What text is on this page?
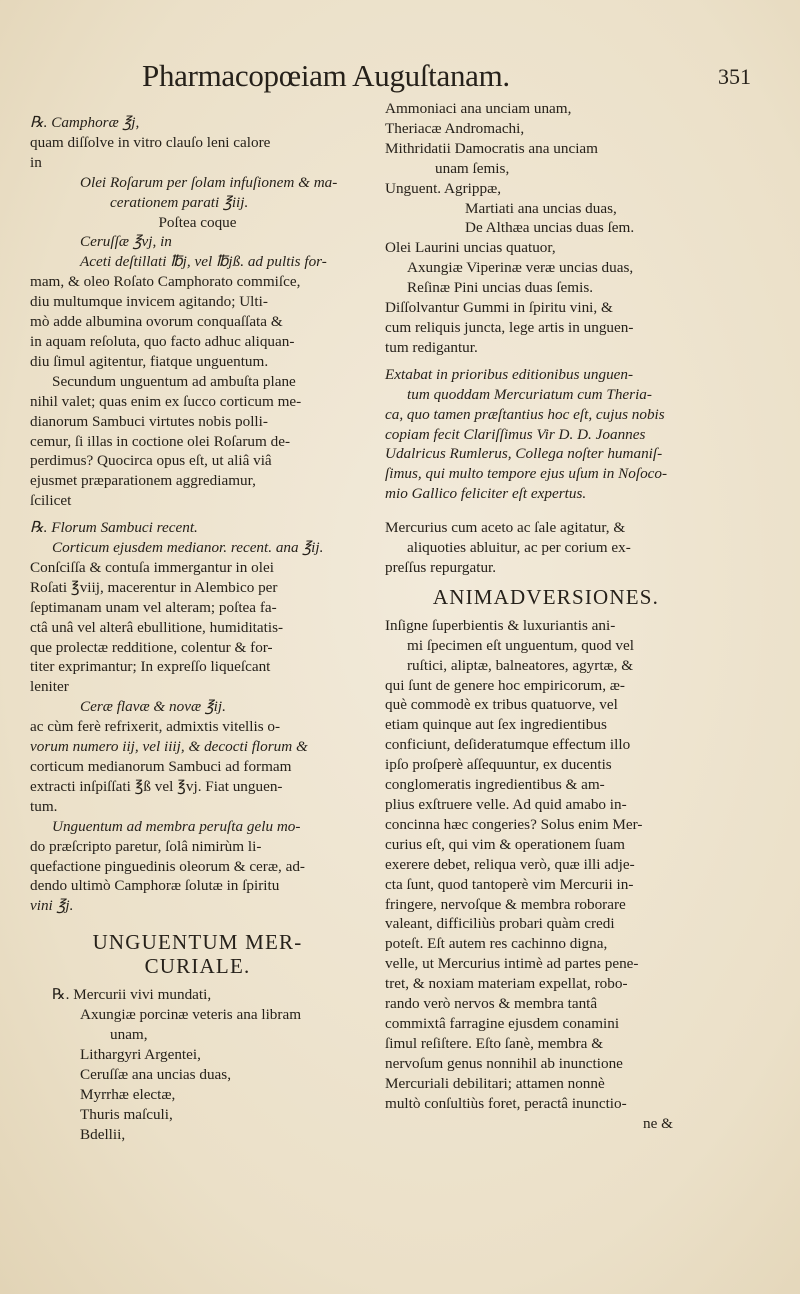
Pharmacopœiam Auguſtanam.	351

℞. Camphoræ ℥j,

quam diſſolve in vitro clauſo leni calore

in

Olei Roſarum per ſolam infuſionem & ma-

cerationem parati ℥iij.

Poſtea coque

Ceruſſæ ℥vj, in

Aceti deſtillati ℔j, vel ℔jß. ad pultis for-

mam, & oleo Roſato Camphorato commiſce,

diu multumque invicem agitando; Ulti-

mò adde albumina ovorum conquaſſata &

in aquam reſoluta, quo facto adhuc aliquan-

diu ſimul agitentur, fiatque unguentum.

Secundum unguentum ad ambuſta plane

nihil valet; quas enim ex ſucco corticum me-

dianorum Sambuci virtutes nobis polli-

cemur, ſi illas in coctione olei Roſarum de-

perdimus? Quocirca opus eſt, ut aliâ viâ

ejusmet præparationem aggrediamur,

ſcilicet

℞. Florum Sambuci recent.

Corticum ejusdem medianor. recent. ana ℥ij.

Conſciſſa & contuſa immergantur in olei

Roſati ℥viij, macerentur in Alembico per

ſeptimanam unam vel alteram; poſtea fa-

ctâ unâ vel alterâ ebullitione, humiditatis-

que prolectæ redditione, colentur & for-

titer exprimantur; In expreſſo liqueſcant

leniter

Ceræ flavæ & novæ ℥ij.

ac cùm ferè refrixerit, admixtis vitellis o-

vorum numero iij, vel iiij, & decocti florum &

corticum medianorum Sambuci ad formam

extracti inſpiſſati ℥ß vel ℥vj. Fiat unguen-

tum.

Unguentum ad membra peruſta gelu mo-

do præſcripto paretur, ſolâ nimirùm li-

quefactione pinguedinis oleorum & ceræ, ad-

dendo ultimò Camphoræ ſolutæ in ſpiritu

vini ℥j.

UNGUENTUM MER-

CURIALE.

℞. Mercurii vivi mundati,

Axungiæ porcinæ veteris ana libram

unam,

Lithargyri Argentei,

Ceruſſæ ana uncias duas,

Myrrhæ electæ,

Thuris maſculi,

Bdellii,

Ammoniaci ana unciam unam,

Theriacæ Andromachi,

Mithridatii Damocratis ana unciam

unam ſemis,

Unguent. Agrippæ,

Martiati ana uncias duas,

De Althæa uncias duas ſem.

Olei Laurini uncias quatuor,

Axungiæ Viperinæ veræ uncias duas,

Reſinæ Pini uncias duas ſemis.

Diſſolvantur Gummi in ſpiritu vini, &

cum reliquis juncta, lege artis in unguen-

tum redigantur.

Extabat in prioribus editionibus unguen-

tum quoddam Mercuriatum cum Theria-

ca, quo tamen præſtantius hoc eſt, cujus nobis

copiam fecit Clariſſimus Vir D. D. Joannes

Udalricus Rumlerus, Collega noſter humaniſ-

ſimus, qui multo tempore ejus uſum in Noſoco-

mio Gallico feliciter eſt expertus.

Mercurius cum aceto ac ſale agitatur, &

aliquoties abluitur, ac per corium ex-

preſſus repurgatur.

ANIMADVERSIONES.

Inſigne ſuperbientis & luxuriantis ani-

mi ſpecimen eſt unguentum, quod vel

ruſtici, aliptæ, balneatores, agyrtæ, &

qui ſunt de genere hoc empiricorum, æ-

què commodè ex tribus quatuorve, vel

etiam quinque aut ſex ingredientibus

conficiunt, deſideratumque effectum illo

ipſo proſperè aſſequuntur, ex ducentis

conglomeratis ingredientibus & am-

plius exſtruere velle. Ad quid amabo in-

concinna hæc congeries? Solus enim Mer-

curius eſt, qui vim & operationem ſuam

exerere debet, reliqua verò, quæ illi adje-

cta ſunt, quod tantoperè vim Mercurii in-

fringere, nervoſque & membra roborare

valeant, difficiliùs probari quàm credi

poteſt. Eſt autem res cachinno digna,

velle, ut Mercurius intimè ad partes pene-

tret, & noxiam materiam expellat, robo-

rando verò nervos & membra tantâ

commixtâ farragine ejusdem conamini

ſimul reſiſtere. Eſto ſanè, membra &

nervoſum genus nonnihil ab inunctione

Mercuriali debilitari; attamen nonnè

multò conſultiùs foret, peractâ inunctio-

ne &
